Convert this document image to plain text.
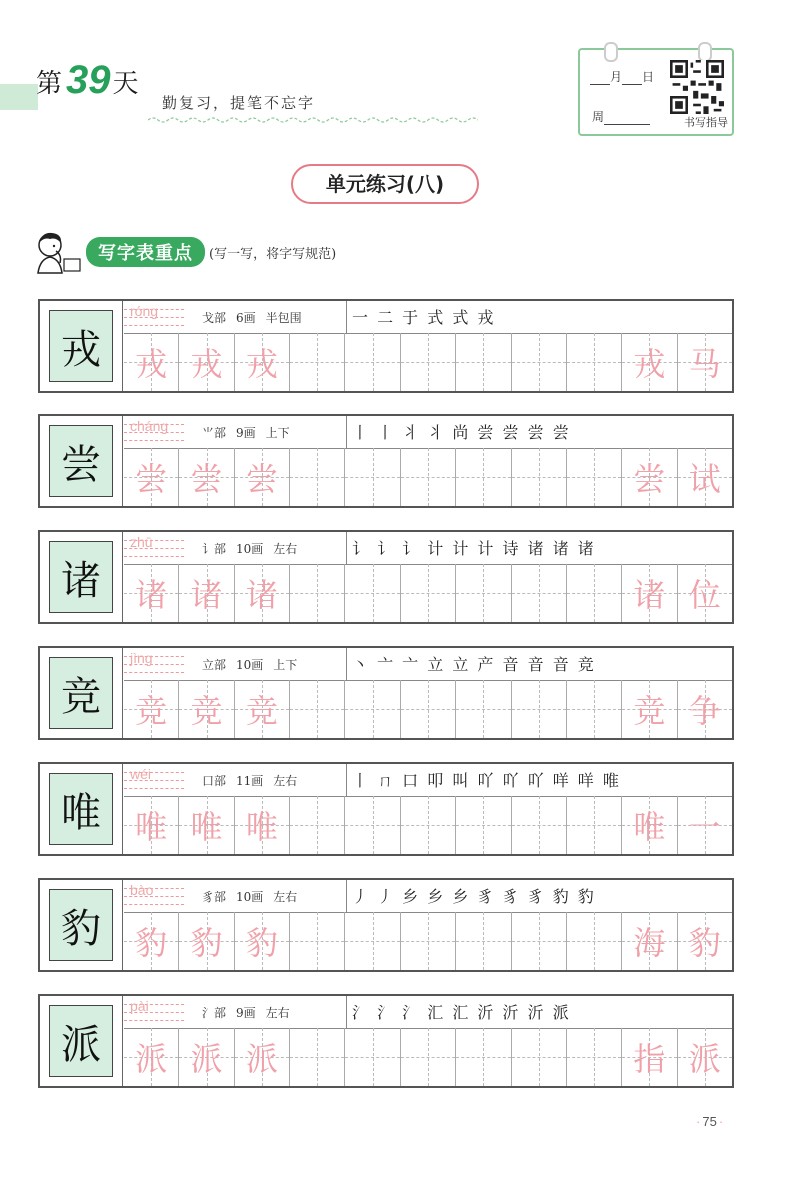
第 39 天
勤复习，提笔不忘字
月 日
周	书写指导
单元练习(八)
写字表重点	(写一写，将字写规范)
戎
róng	戈部 6画 半包围	一 二 于 式 式 戎
戎 戎 戎	戎 马
尝
cháng	⺌部 9画 上下	丨 丨 丬 丬 尚 尝 尝 尝 尝
尝 尝 尝	尝 试
诸
zhū	讠部 10画 左右	讠 讠 讠 计 计 计 诗 诸 诸 诸
诸 诸 诸	诸 位
竞
jìng	立部 10画 上下	丶 亠 亠 立 立 产 音 音 音 竞
竞 竞 竞	竞 争
唯
wéi	口部 11画 左右	丨 ㄇ 口 叩 叫 吖 吖 吖 咩 咩 唯
唯 唯 唯	唯 一
豹
bào	豸部 10画 左右	丿 丿 乡 乡 乡 豸 豸 豸 豹 豹
豹 豹 豹	海 豹
派
pài	氵部 9画 左右	氵 氵 氵 汇 汇 沂 沂 沂 派
派 派 派	指 派
· 75 ·
